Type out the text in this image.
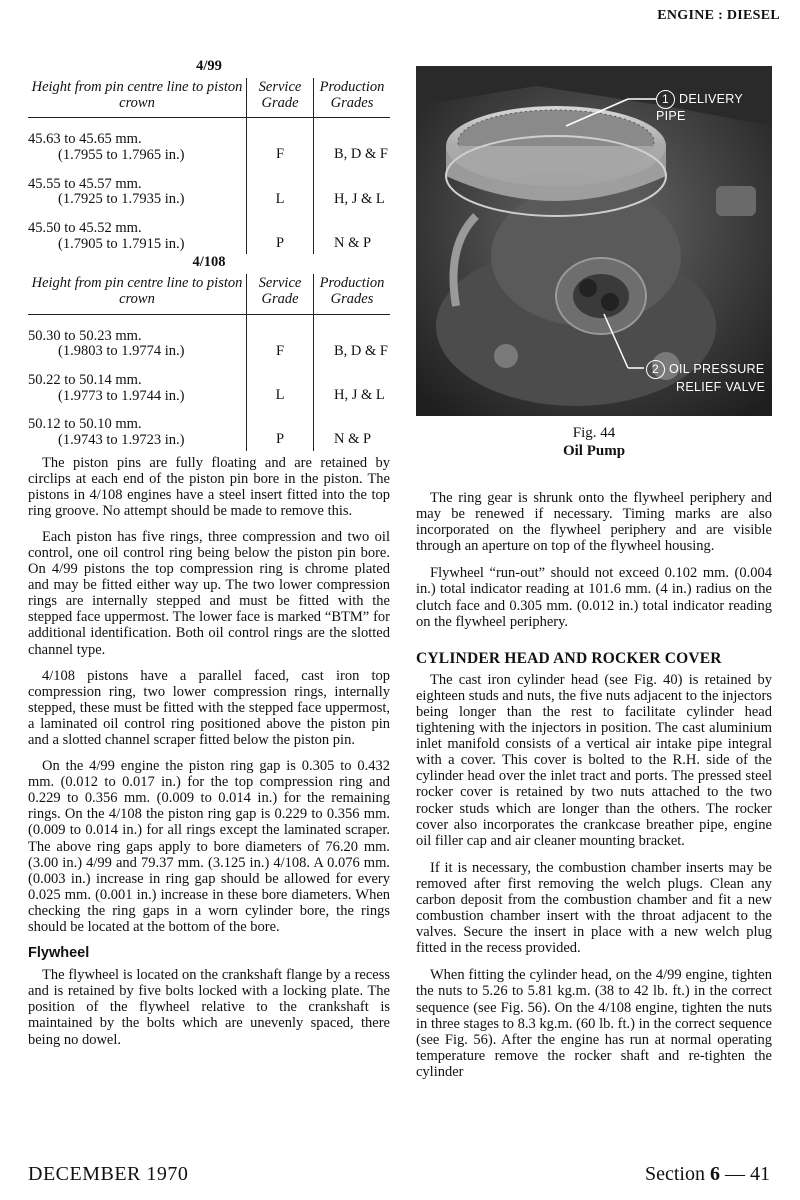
ENGINE : DIESEL
4/99
Height from pin centre line to piston crown	Service Grade	Production Grades

45.63 to 45.65 mm.
(1.7955 to 1.7965 in.)	F	B, D & F

45.55 to 45.57 mm.
(1.7925 to 1.7935 in.)	L	H, J & L

45.50 to 45.52 mm.
(1.7905 to 1.7915 in.)	P	N & P
4/108
Height from pin centre line to piston crown	Service Grade	Production Grades

50.30 to 50.23 mm.
(1.9803 to 1.9774 in.)	F	B, D & F

50.22 to 50.14 mm.
(1.9773 to 1.9744 in.)	L	H, J & L

50.12 to 50.10 mm.
(1.9743 to 1.9723 in.)	P	N & P

The piston pins are fully floating and are retained by circlips at each end of the piston pin bore in the piston. The pistons in 4/108 engines have a steel insert fitted into the top ring groove. No attempt should be made to remove this.

Each piston has five rings, three compression and two oil control, one oil control ring being below the piston pin bore. On 4/99 pistons the top compression ring is chrome plated and may be fitted either way up. The two lower compression rings are internally stepped and must be fitted with the stepped face uppermost. The lower face is marked “BTM” for additional identification. Both oil control rings are the slotted channel type.

4/108 pistons have a parallel faced, cast iron top compression ring, two lower compression rings, internally stepped, these must be fitted with the stepped face uppermost, a laminated oil control ring positioned above the piston pin and a slotted channel scraper fitted below the piston pin.

On the 4/99 engine the piston ring gap is 0.305 to 0.432 mm. (0.012 to 0.017 in.) for the top compression ring and 0.229 to 0.356 mm. (0.009 to 0.014 in.) for the remaining rings. On the 4/108 the piston ring gap is 0.229 to 0.356 mm. (0.009 to 0.014 in.) for all rings except the laminated scraper. The above ring gaps apply to bore diameters of 76.20 mm. (3.00 in.) 4/99 and 79.37 mm. (3.125 in.) 4/108. A 0.076 mm. (0.003 in.) increase in ring gap should be allowed for every 0.025 mm. (0.001 in.) increase in these bore diameters. When checking the ring gaps in a worn cylinder bore, the rings should be located at the bottom of the bore.

Flywheel

The flywheel is located on the crankshaft flange by a recess and is retained by five bolts locked with a locking plate. The position of the flywheel relative to the crankshaft is maintained by the bolts which are unevenly spaced, there being no dowel.

1 DELIVERY PIPE
2 OIL PRESSURE
RELIEF VALVE
Fig. 44
Oil Pump

The ring gear is shrunk onto the flywheel periphery and may be renewed if necessary. Timing marks are also incorporated on the flywheel periphery and are visible through an aperture on top of the flywheel housing.

Flywheel “run-out” should not exceed 0.102 mm. (0.004 in.) total indicator reading at 101.6 mm. (4 in.) radius on the clutch face and 0.305 mm. (0.012 in.) total indicator reading on the flywheel periphery.

CYLINDER HEAD AND ROCKER COVER

The cast iron cylinder head (see Fig. 40) is retained by eighteen studs and nuts, the five nuts adjacent to the injectors being longer than the rest to facilitate cylinder head tightening with the injectors in position. The cast aluminium inlet manifold consists of a vertical air intake pipe integral with a cover. This cover is bolted to the R.H. side of the cylinder head over the inlet tract and ports. The pressed steel rocker cover is retained by two nuts attached to the two rocker studs which are longer than the others. The rocker cover also incorporates the crankcase breather pipe, engine oil filler cap and air cleaner mounting bracket.

If it is necessary, the combustion chamber inserts may be removed after first removing the welch plugs. Clean any carbon deposit from the combustion chamber and fit a new combustion chamber insert with the throat adjacent to the valves. Secure the insert in place with a new welch plug fitted in the recess provided.

When fitting the cylinder head, on the 4/99 engine, tighten the nuts to 5.26 to 5.81 kg.m. (38 to 42 lb. ft.) in the correct sequence (see Fig. 56). On the 4/108 engine, tighten the nuts in three stages to 8.3 kg.m. (60 lb. ft.) in the correct sequence (see Fig. 56). After the engine has run at normal operating temperature remove the rocker shaft and re-tighten the cylinder

DECEMBER 1970	Section 6 — 41
